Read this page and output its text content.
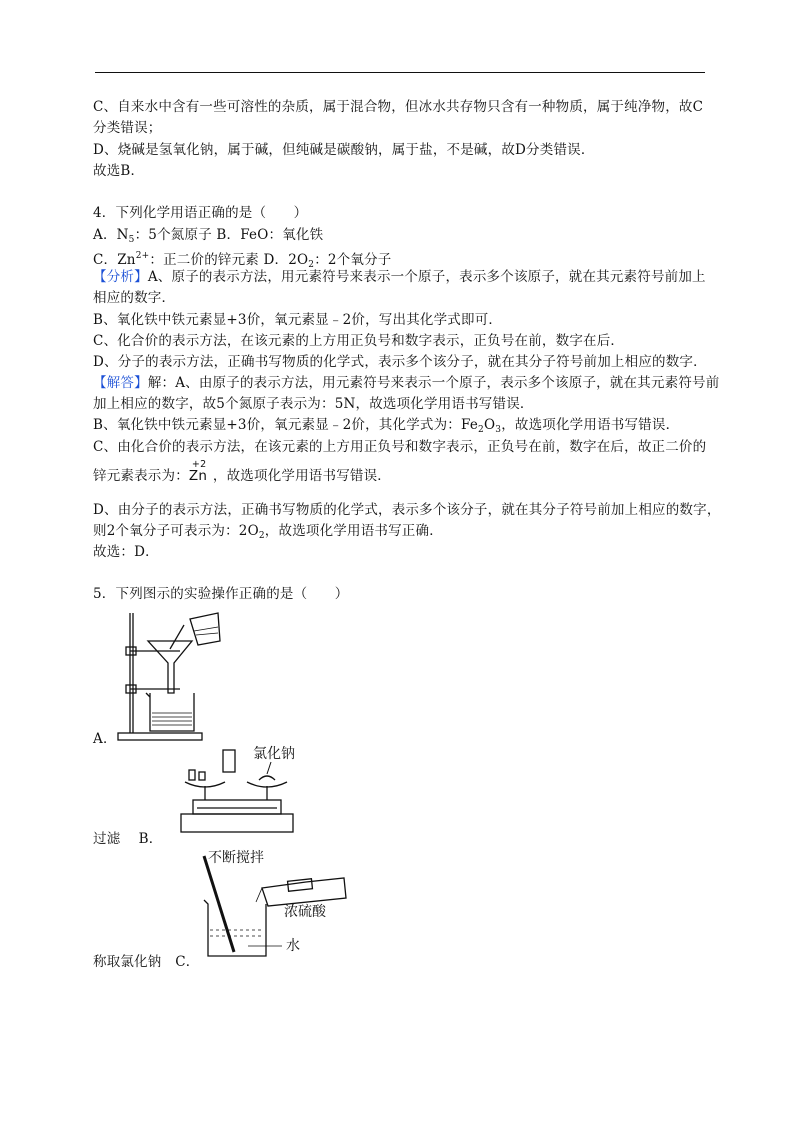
C、自来水中含有一些可溶性的杂质，属于混合物，但冰水共存物只含有一种物质，属于纯净物，故C
分类错误；
D、烧碱是氢氧化钠，属于碱，但纯碱是碳酸钠，属于盐，不是碱，故D分类错误．
故选B．
4．下列化学用语正确的是（　　）
A．$N_5$：5个氮原子 B．FeO：氧化铁
C．$Zn^{2+}$：正二价的锌元素 D．$2O_2$：2个氧分子
【分析】A、原子的表示方法，用元素符号来表示一个原子，表示多个该原子，就在其元素符号前加上
相应的数字．
B、氧化铁中铁元素显+3价，氧元素显﹣2价，写出其化学式即可．
C、化合价的表示方法，在该元素的上方用正负号和数字表示，正负号在前，数字在后．
D、分子的表示方法，正确书写物质的化学式，表示多个该分子，就在其分子符号前加上相应的数字．
【解答】解：A、由原子的表示方法，用元素符号来表示一个原子，表示多个该原子，就在其元素符号前
加上相应的数字，故5个氮原子表示为：5N，故选项化学用语书写错误．
B、氧化铁中铁元素显+3价，氧元素显﹣2价，其化学式为：$Fe_2O_3$，故选项化学用语书写错误．
C、由化合价的表示方法，在该元素的上方用正负号和数字表示，正负号在前，数字在后，故正二价的
锌元素表示为：
+2
Zn ，故选项化学用语书写错误．
D、由分子的表示方法，正确书写物质的化学式，表示多个该分子，就在其分子符号前加上相应的数字，
则2个氧分子可表示为：$2O_2$，故选项化学用语书写正确．
故选：D．
5．下列图示的实验操作正确的是（　　）
A．
氯化钠
过滤　 B．
不断搅拌
浓硫酸
水
称取氯化钠　C．
